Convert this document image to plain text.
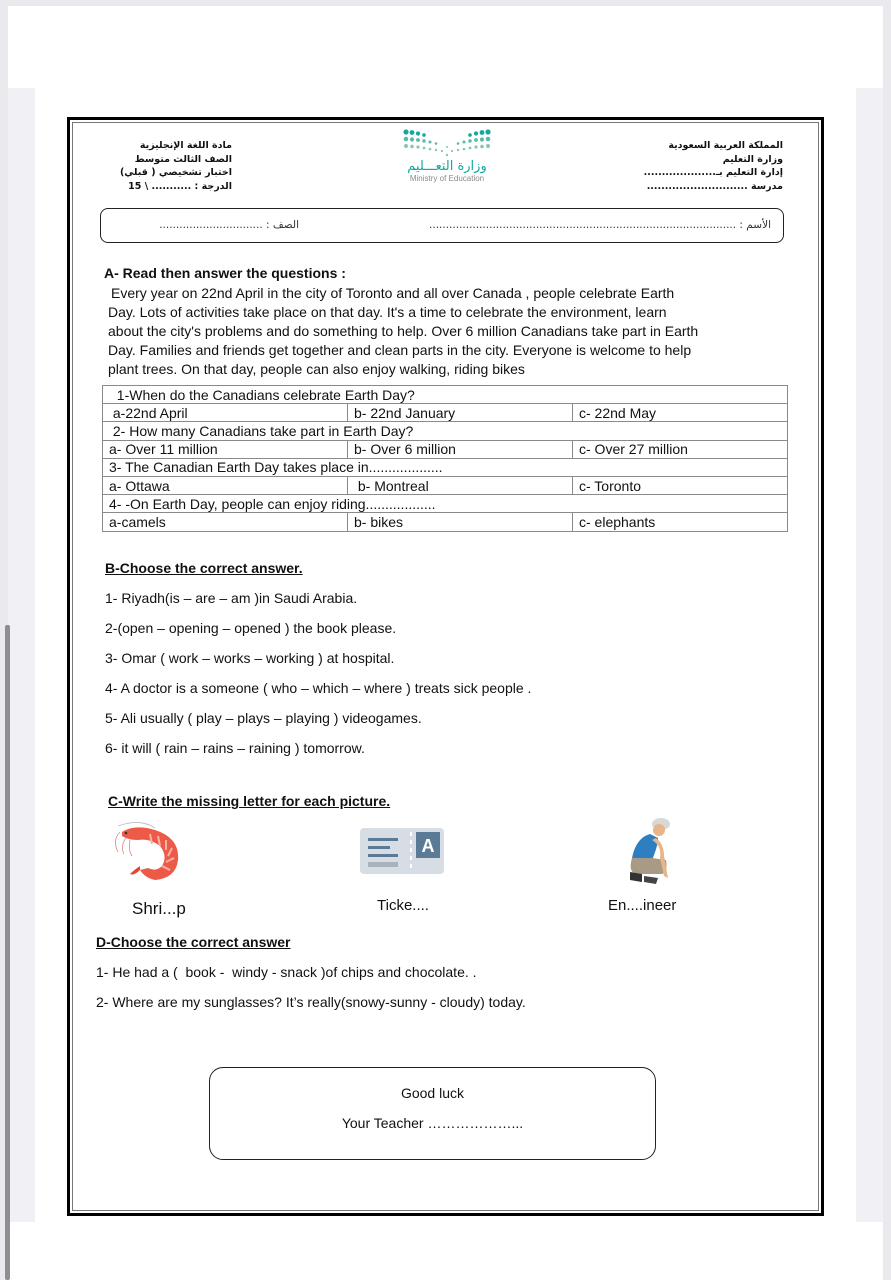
المملكة العربية السعودية
وزارة التعليم
إدارة التعليم بـ....................
مدرسة ............................
وزارة التعـــليم
Ministry of Education
مادة اللغة الإنجليزية
الصف الثالث متوسط
اختبار تشخيصي ( قبلي)
الدرجة : ........... \ 15
الأسم : ............................................................................................
الصف : ...............................
A- Read then answer the questions :
Every year on 22nd April in the city of Toronto and all over Canada , people celebrate Earth
Day. Lots of activities take place on that day. It's a time to celebrate the environment, learn
about the city's problems and do something to help. Over 6 million Canadians take part in Earth
Day. Families and friends get together and clean parts in the city. Everyone is welcome to help
plant trees. On that day, people can also enjoy walking, riding bikes
1-When do the Canadians celebrate Earth Day?		
a-22nd April	b- 22nd January	c- 22nd May
2- How many Canadians take part in Earth Day?		
a- Over 11 million	b- Over 6 million	c- Over 27 million
3- The Canadian Earth Day takes place in...................		
a- Ottawa	b- Montreal	c- Toronto
4- -On Earth Day, people can enjoy riding..................		
a-camels	b- bikes	c- elephants
B-Choose the correct answer.
1- Riyadh(is – are – am )in Saudi Arabia.
2-(open – opening – opened ) the book please.
3- Omar ( work – works – working ) at hospital.
4- A doctor is a someone ( who – which – where ) treats sick people .
5- Ali usually ( play – plays – playing ) videogames.
6- it will ( rain – rains – raining ) tomorrow.
C-Write the missing letter for each picture.
A
Shri...p	Ticke....	En....ineer
D-Choose the correct answer
1- He had a (  book -  windy - snack )of chips and chocolate. .
2- Where are my sunglasses? It’s really(snowy-sunny - cloudy) today.
Good luck
Your Teacher ………………...
